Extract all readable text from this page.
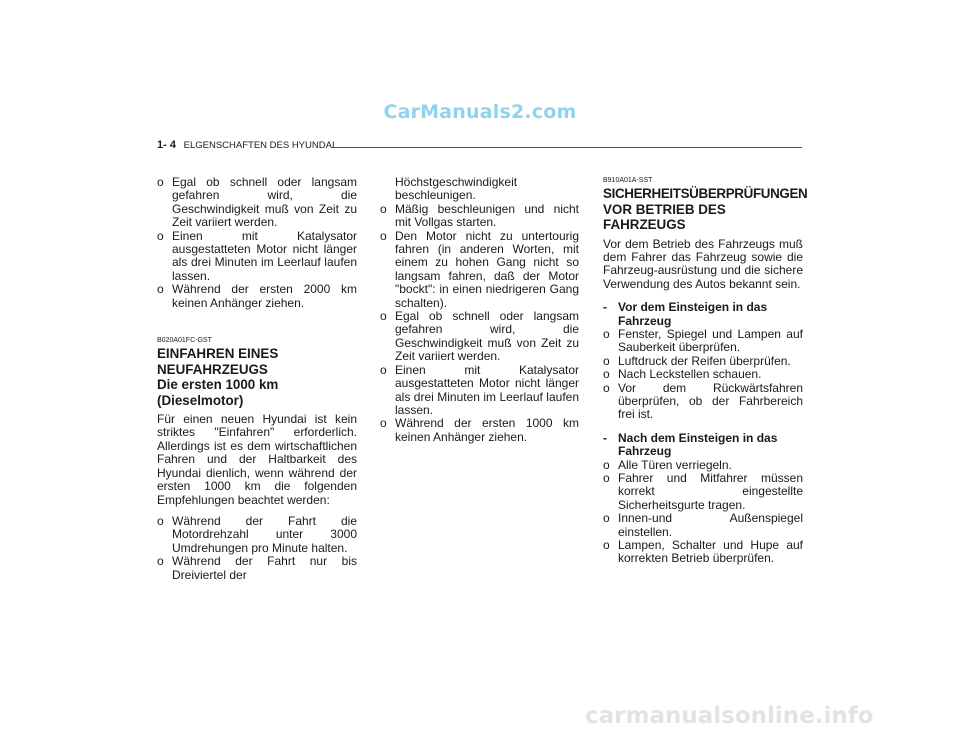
CarManuals2.com
1- 4 ELGENSCHAFTEN DES HYUNDAI
o Egal ob schnell oder langsam gefahren wird, die Geschwindigkeit muß von Zeit zu Zeit variiert werden.
o Einen mit Katalysator ausgestatteten Motor nicht länger als drei Minuten im Leerlauf laufen lassen.
o Während der ersten 2000 km keinen Anhänger ziehen.
B020A01FC-GST
EINFAHREN EINES
NEUFAHRZEUGS
Die ersten 1000 km
(Dieselmotor)

Für einen neuen Hyundai ist kein striktes "Einfahren" erforderlich. Allerdings ist es dem wirtschaftlichen Fahren und der Haltbarkeit des Hyundai dienlich, wenn während der ersten 1000 km die folgenden Empfehlungen beachtet werden:

o Während der Fahrt die Motordrehzahl unter 3000 Umdrehungen pro Minute halten.
o Während der Fahrt nur bis Dreiviertel der
Höchstgeschwindigkeit beschleunigen.
o Mäßig beschleunigen und nicht mit Vollgas starten.
o Den Motor nicht zu untertourig fahren (in anderen Worten, mit einem zu hohen Gang nicht so langsam fahren, daß der Motor "bockt": in einen niedrigeren Gang schalten).
o Egal ob schnell oder langsam gefahren wird, die Geschwindigkeit muß von Zeit zu Zeit variiert werden.
o Einen mit Katalysator ausgestatteten Motor nicht länger als drei Minuten im Leerlauf laufen lassen.
o Während der ersten 1000 km keinen Anhänger ziehen.
B910A01A-SST
SICHERHEITSÜBERPRÜFUNGEN
VOR BETRIEB DES
FAHRZEUGS

Vor dem Betrieb des Fahrzeugs muß dem Fahrer das Fahrzeug sowie die Fahrzeug-ausrüstung und die sichere Verwendung des Autos bekannt sein.

- Vor dem Einsteigen in das Fahrzeug
o Fenster, Spiegel und Lampen auf Sauberkeit überprüfen.
o Luftdruck der Reifen überprüfen.
o Nach Leckstellen schauen.
o Vor dem Rückwärtsfahren überprüfen, ob der Fahrbereich frei ist.
- Nach dem Einsteigen in das Fahrzeug
o Alle Türen verriegeln.
o Fahrer und Mitfahrer müssen korrekt eingestellte Sicherheitsgurte tragen.
o Innen-und Außenspiegel einstellen.
o Lampen, Schalter und Hupe auf korrekten Betrieb überprüfen.
carmanualsonline.info
